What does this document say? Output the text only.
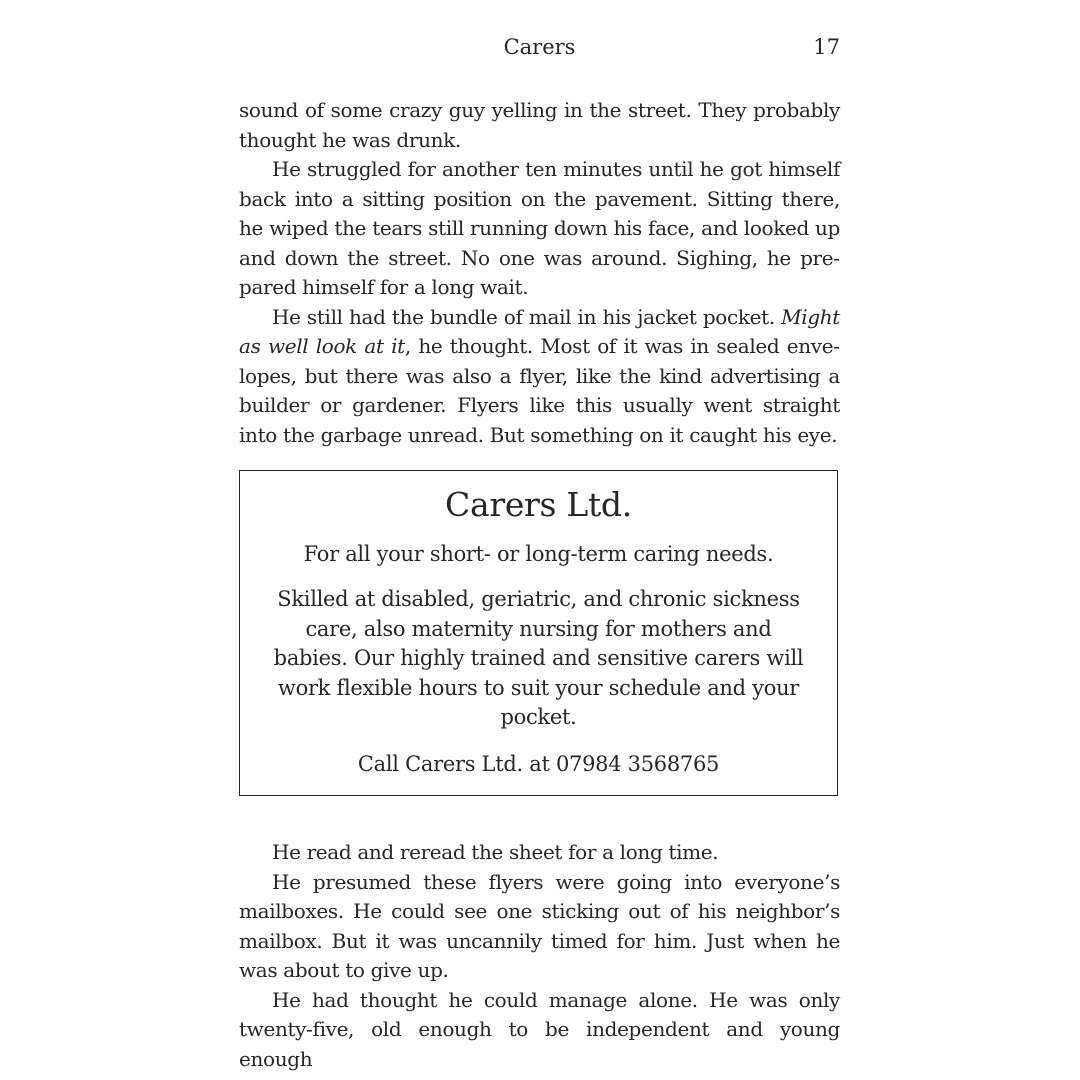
Carers	17

sound of some crazy guy yelling in the street. They probably thought he was drunk.

He struggled for another ten minutes until he got himself back into a sitting position on the pavement. Sitting there, he wiped the tears still running down his face, and looked up and down the street. No one was around. Sighing, he prepared himself for a long wait.

He still had the bundle of mail in his jacket pocket. Might as well look at it, he thought. Most of it was in sealed envelopes, but there was also a flyer, like the kind advertising a builder or gardener. Flyers like this usually went straight into the garbage unread. But something on it caught his eye.

Carers Ltd.
For all your short- or long-term caring needs.
Skilled at disabled, geriatric, and chronic sickness care, also maternity nursing for mothers and babies. Our highly trained and sensitive carers will work flexible hours to suit your schedule and your pocket.
Call Carers Ltd. at 07984 3568765

He read and reread the sheet for a long time.

He presumed these flyers were going into everyone’s mailboxes. He could see one sticking out of his neighbor’s mailbox. But it was uncannily timed for him. Just when he was about to give up.

He had thought he could manage alone. He was only twenty-five, old enough to be independent and young enough
